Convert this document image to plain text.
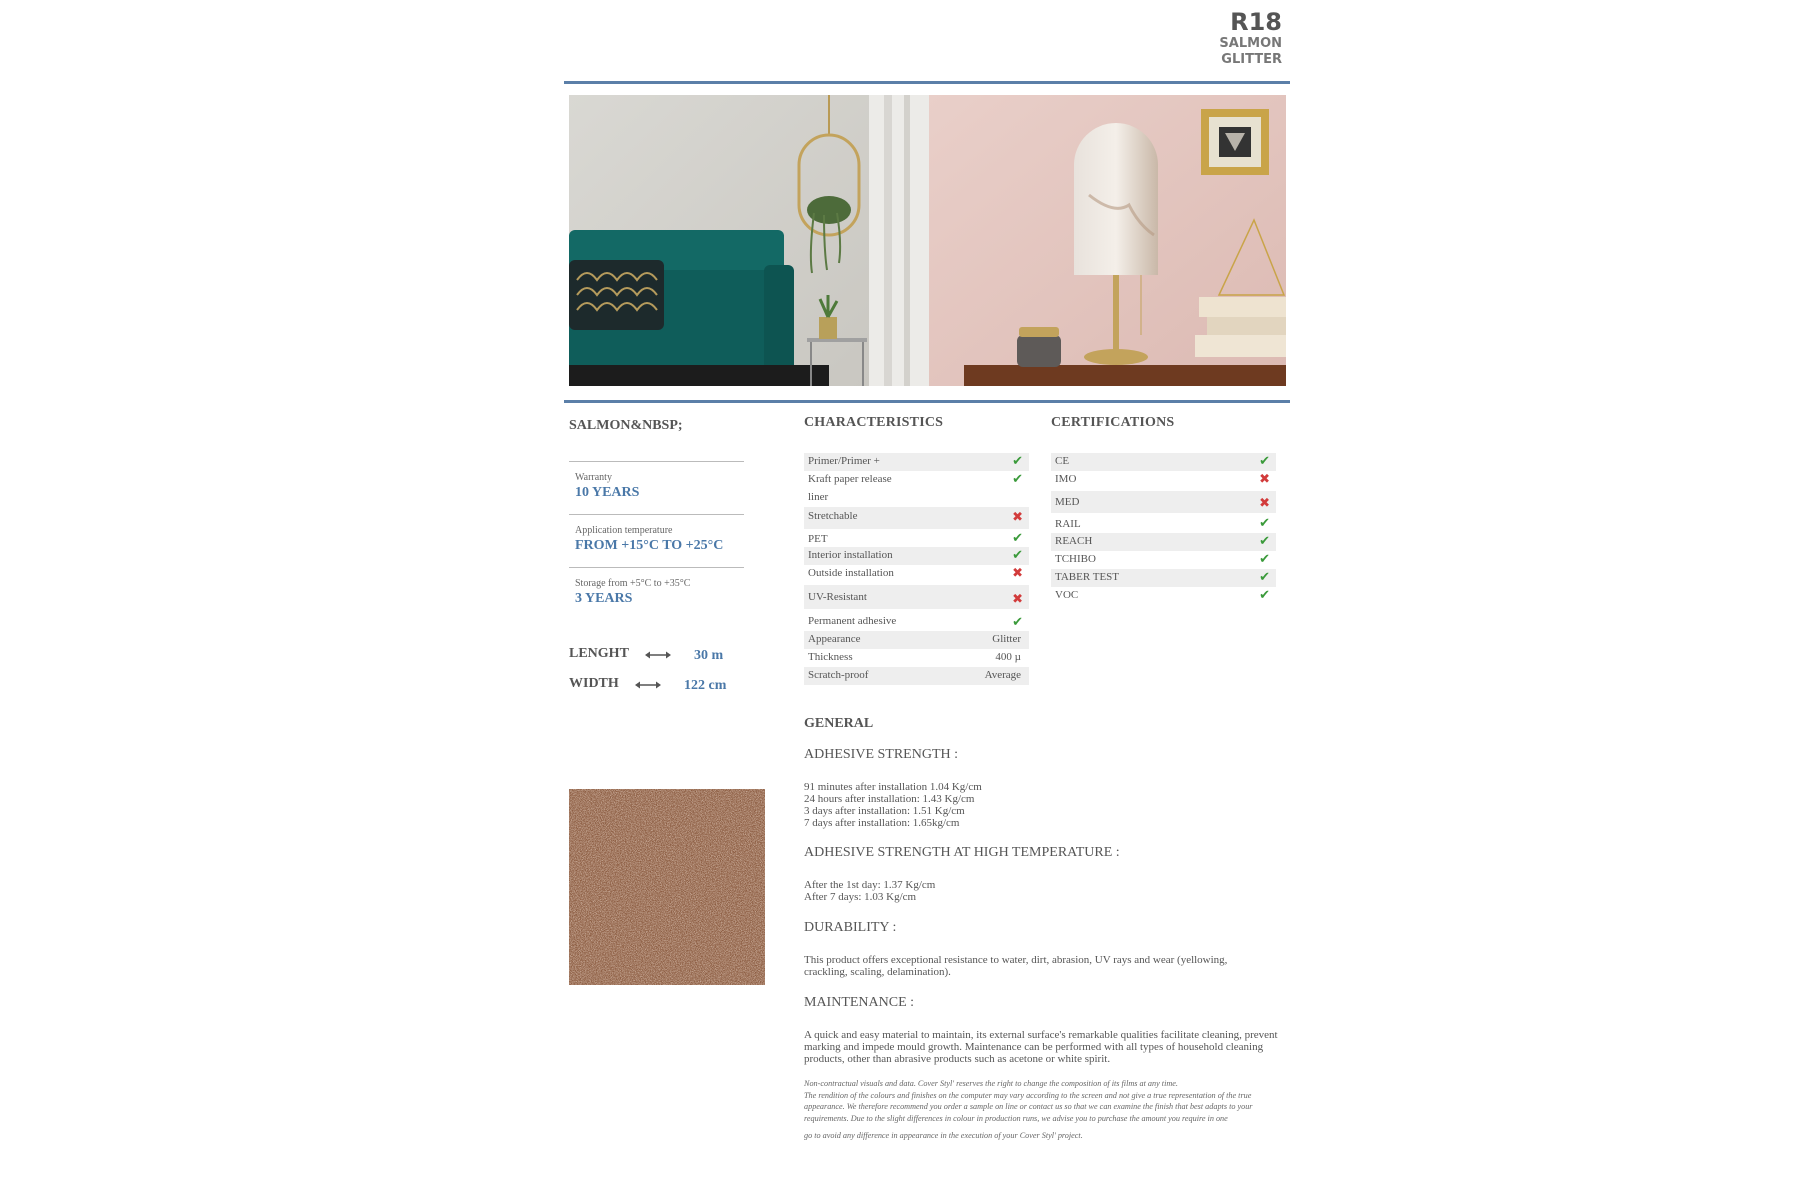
R18
SALMON
GLITTER
SALMON&NBSP;
Warranty
10 YEARS
Application temperature
FROM +15°C TO +25°C
Storage from +5°C to +35°C
3 YEARS
LENGHT	30 m
WIDTH	122 cm
CHARACTERISTICS
Primer/Primer +	✔
Kraft paper release	✔
liner
Stretchable	✖
PET	✔
Interior installation	✔
Outside installation	✖
UV-Resistant	✖
Permanent adhesive	✔
Appearance	Glitter
Thickness	400 µ
Scratch-proof	Average
CERTIFICATIONS
CE	✔
IMO	✖
MED	✖
RAIL	✔
REACH	✔
TCHIBO	✔
TABER TEST	✔
VOC	✔
GENERAL
ADHESIVE STRENGTH :
91 minutes after installation 1.04 Kg/cm
24 hours after installation: 1.43 Kg/cm
3 days after installation: 1.51 Kg/cm
7 days after installation: 1.65kg/cm
ADHESIVE STRENGTH AT HIGH TEMPERATURE :
After the 1st day: 1.37 Kg/cm
After 7 days: 1.03 Kg/cm
DURABILITY :
This product offers exceptional resistance to water, dirt, abrasion, UV rays and wear (yellowing, crackling, scaling, delamination).
MAINTENANCE :
A quick and easy material to maintain, its external surface's remarkable qualities facilitate cleaning, prevent marking and impede mould growth. Maintenance can be performed with all types of household cleaning products, other than abrasive products such as acetone or white spirit.
Non-contractual visuals and data. Cover Styl' reserves the right to change the composition of its films at any time.
The rendition of the colours and finishes on the computer may vary according to the screen and not give a true representation of the true appearance. We therefore recommend you order a sample on line or contact us so that we can examine the finish that best adapts to your requirements. Due to the slight differences in colour in production runs, we advise you to purchase the amount you require in one
go to avoid any difference in appearance in the execution of your Cover Styl' project.
